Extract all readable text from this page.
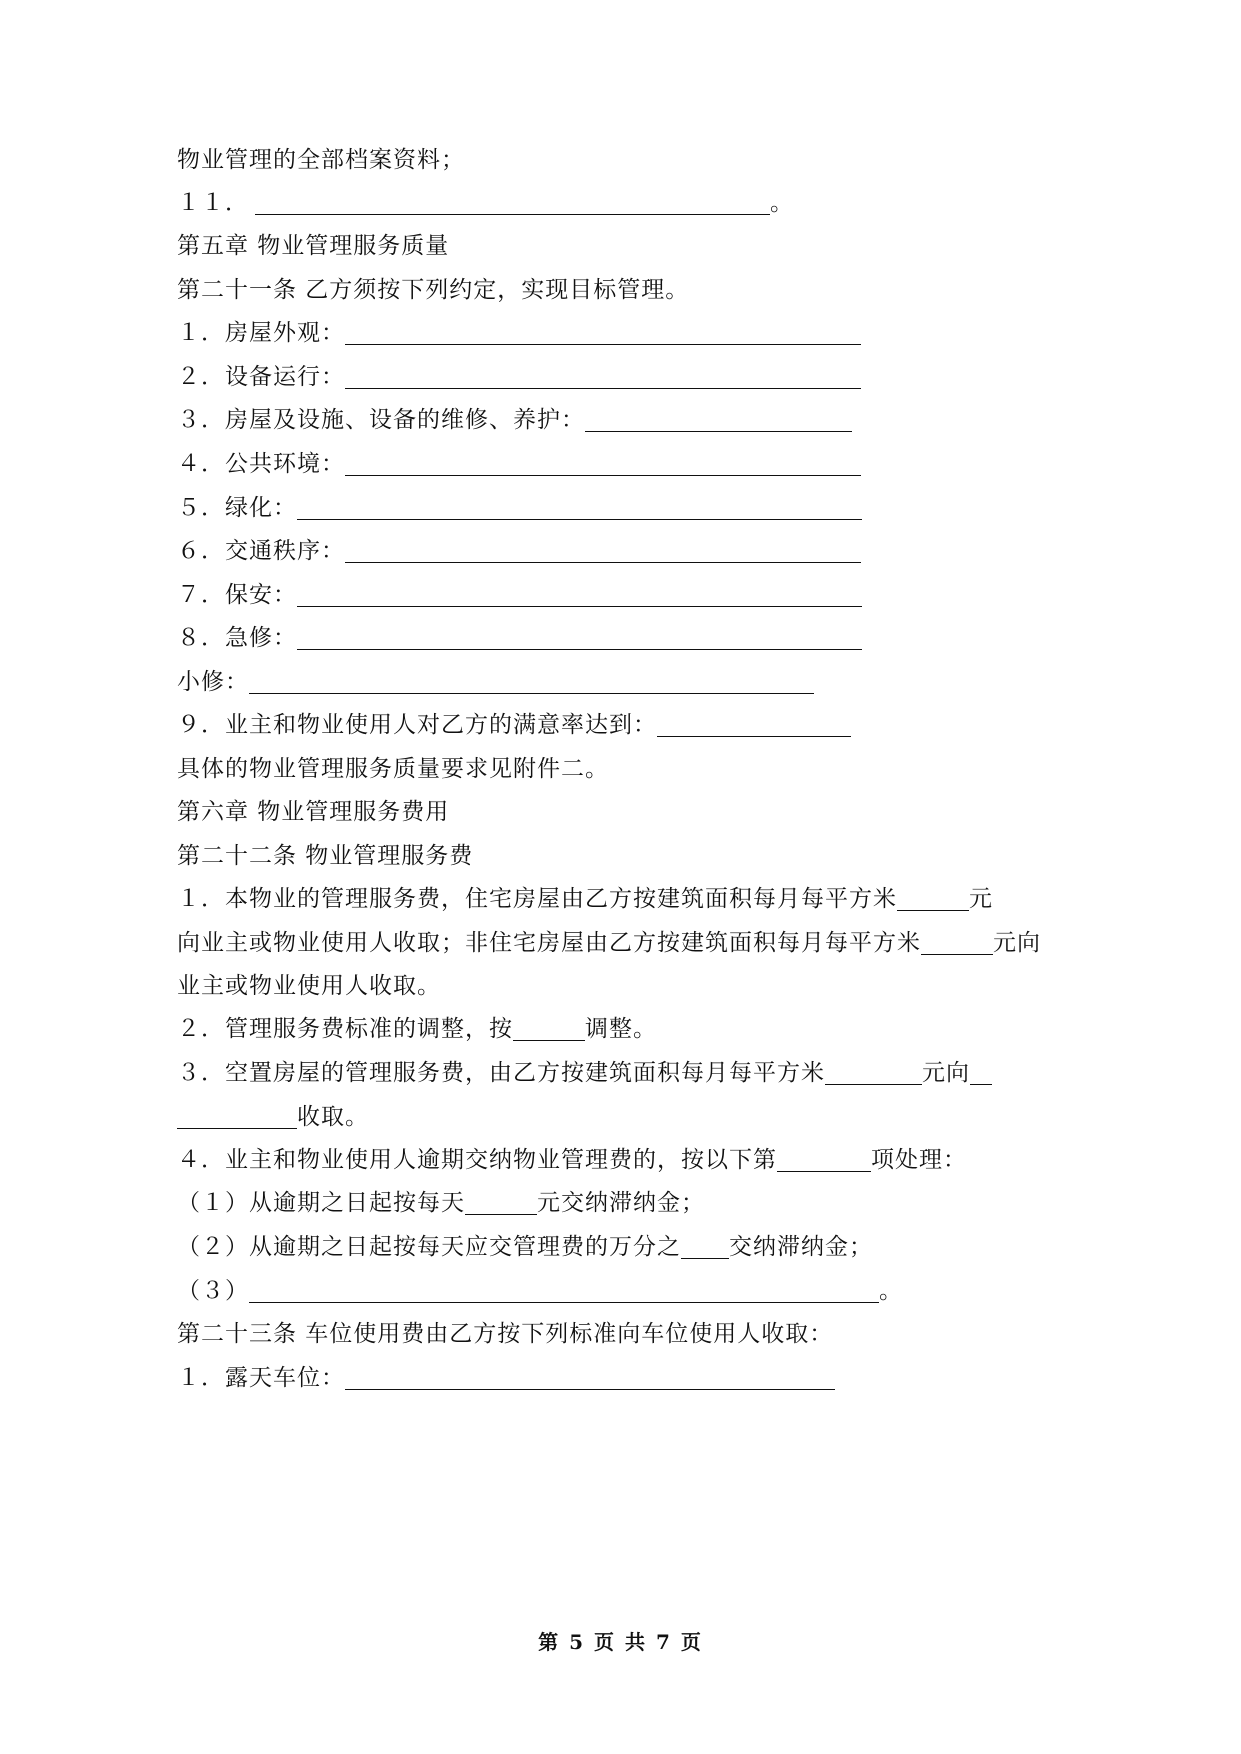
物业管理的全部档案资料；
１１．	。
第五章 物业管理服务质量
第二十一条 乙方须按下列约定，实现目标管理。
１．房屋外观：
２．设备运行：
３．房屋及设施、设备的维修、养护：
４．公共环境：
５．绿化：
６．交通秩序：
７．保安：
８．急修：
小修：
９．业主和物业使用人对乙方的满意率达到：
具体的物业管理服务质量要求见附件二。
第六章 物业管理服务费用
第二十二条 物业管理服务费
１．本物业的管理服务费，住宅房屋由乙方按建筑面积每月每平方米	元
向业主或物业使用人收取；非住宅房屋由乙方按建筑面积每月每平方米	元向
业主或物业使用人收取。
２．管理服务费标准的调整，按	调整。
３．空置房屋的管理服务费，由乙方按建筑面积每月每平方米	元向
收取。
４．业主和物业使用人逾期交纳物业管理费的，按以下第	项处理：
（１）从逾期之日起按每天	元交纳滞纳金；
（２）从逾期之日起按每天应交管理费的万分之 交纳滞纳金；
（３）	。
第二十三条 车位使用费由乙方按下列标准向车位使用人收取：
１．露天车位：
第 5 页 共 7 页
